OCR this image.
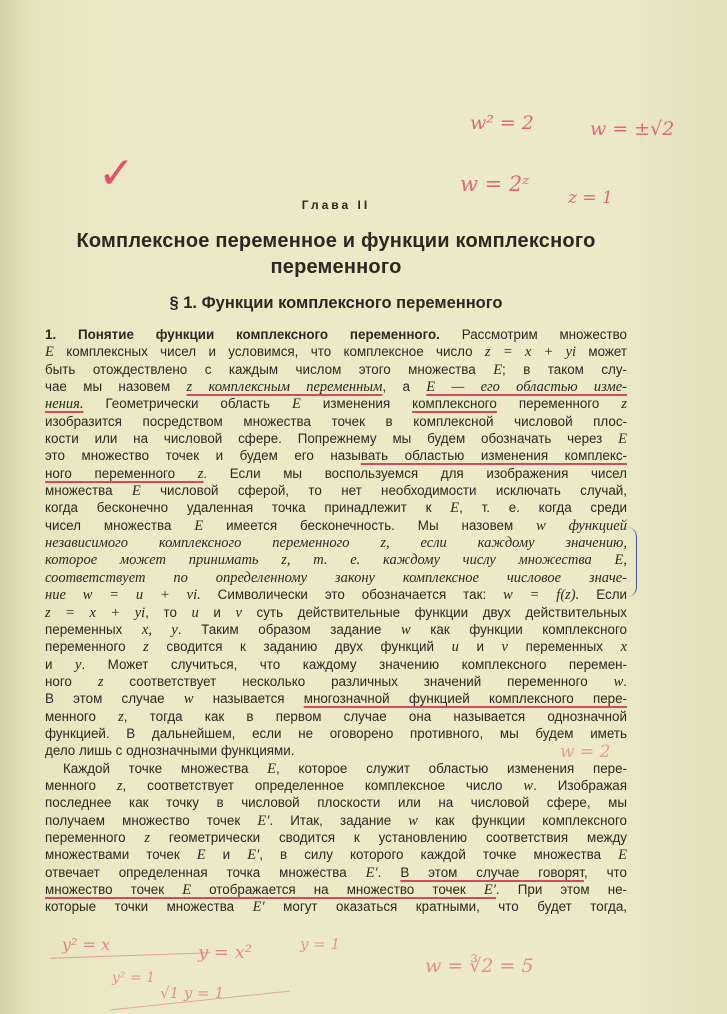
Глава II
Комплексное переменное и функции комплексного
переменного
§ 1. Функции комплексного переменного
1. Понятие функции комплексного переменного. Рассмотрим множество
E комплексных чисел и условимся, что комплексное число z = x + yi может
быть отождествлено с каждым числом этого множества E; в таком слу-
чае мы назовем z комплексным переменным, а E — его областью изме-
нения. Геометрически область E изменения комплексного переменного z
изобразится посредством множества точек в комплексной числовой плос-
кости или на числовой сфере. Попрежнему мы будем обозначать через E
это множество точек и будем его называть областью изменения комплекс-
ного переменного z. Если мы воспользуемся для изображения чисел
множества E числовой сферой, то нет необходимости исключать случай,
когда бесконечно удаленная точка принадлежит к E, т. е. когда среди
чисел множества E имеется бесконечность. Мы назовем w функцией
независимого комплексного переменного z, если каждому значению,
которое может принимать z, т. е. каждому числу множества E,
соответствует по определенному закону комплексное числовое значе-
ние w = u + vi. Символически это обозначается так: w = f(z). Если
z = x + yi, то u и v суть действительные функции двух действительных
переменных x, y. Таким образом задание w как функции комплексного
переменного z сводится к заданию двух функций u и v переменных x
и y. Может случиться, что каждому значению комплексного перемен-
ного z соответствует несколько различных значений переменного w.
В этом случае w называется многозначной функцией комплексного пере-
менного z, тогда как в первом случае она называется однозначной
функцией. В дальнейшем, если не оговорено противного, мы будем иметь
дело лишь с однозначными функциями.
Каждой точке множества E, которое служит областью изменения пере-
менного z, соответствует определенное комплексное число w. Изображая
последнее как точку в числовой плоскости или на числовой сфере, мы
получаем множество точек E′. Итак, задание w как функции комплексного
переменного z геометрически сводится к установлению соответствия между
множествами точек E и E′, в силу которого каждой точке множества E
отвечает определенная точка множества E′. В этом случае говорят, что
множество точек E отображается на множество точек E′. При этом не-
которые точки множества E′ могут оказаться кратными, что будет тогда,
✓
w² = 2	w = ±√2
w = 2ᶻ
z = 1
w = 2
y² = x	y = x²	y = 1
y² = 1
√1 y = 1
w = ∛2 = 5
